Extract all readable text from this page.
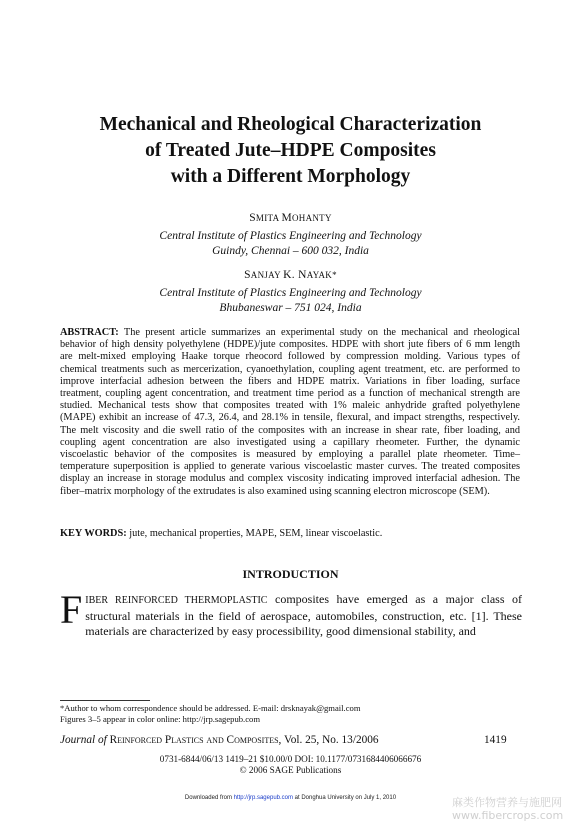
Mechanical and Rheological Characterization
of Treated Jute–HDPE Composites
with a Different Morphology
SMITA MOHANTY
Central Institute of Plastics Engineering and Technology
Guindy, Chennai – 600 032, India
SANJAY K. NAYAK*
Central Institute of Plastics Engineering and Technology
Bhubaneswar – 751 024, India
ABSTRACT: The present article summarizes an experimental study on the mechanical and rheological behavior of high density polyethylene (HDPE)/jute composites. HDPE with short jute fibers of 6 mm length are melt-mixed employing Haake torque rheocord followed by compression molding. Various types of chemical treatments such as mercerization, cyanoethylation, coupling agent treatment, etc. are performed to improve interfacial adhesion between the fibers and HDPE matrix. Variations in fiber loading, surface treatment, coupling agent concentration, and treatment time period as a function of mechanical strength are studied. Mechanical tests show that composites treated with 1% maleic anhydride grafted polyethylene (MAPE) exhibit an increase of 47.3, 26.4, and 28.1% in tensile, flexural, and impact strengths, respectively. The melt viscosity and die swell ratio of the composites with an increase in shear rate, fiber loading, and coupling agent concentration are also investigated using a capillary rheometer. Further, the dynamic viscoelastic behavior of the composites is measured by employing a parallel plate rheometer. Time–temperature superposition is applied to generate various viscoelastic master curves. The treated composites display an increase in storage modulus and complex viscosity indicating improved interfacial adhesion. The fiber–matrix morphology of the extrudates is also examined using scanning electron microscope (SEM).
KEY WORDS: jute, mechanical properties, MAPE, SEM, linear viscoelastic.
INTRODUCTION
FIBER REINFORCED THERMOPLASTIC composites have emerged as a major class of structural materials in the field of aerospace, automobiles, construction, etc. [1]. These materials are characterized by easy processibility, good dimensional stability, and
*Author to whom correspondence should be addressed. E-mail: drsknayak@gmail.com
Figures 3–5 appear in color online: http://jrp.sagepub.com
Journal of Reinforced Plastics and Composites, Vol. 25, No. 13/2006	1419
0731-6844/06/13 1419–21 $10.00/0 DOI: 10.1177/0731684406066676
© 2006 SAGE Publications
Downloaded from http://jrp.sagepub.com at Donghua University on July 1, 2010	麻类作物营养与施肥网
www.fibercrops.com
